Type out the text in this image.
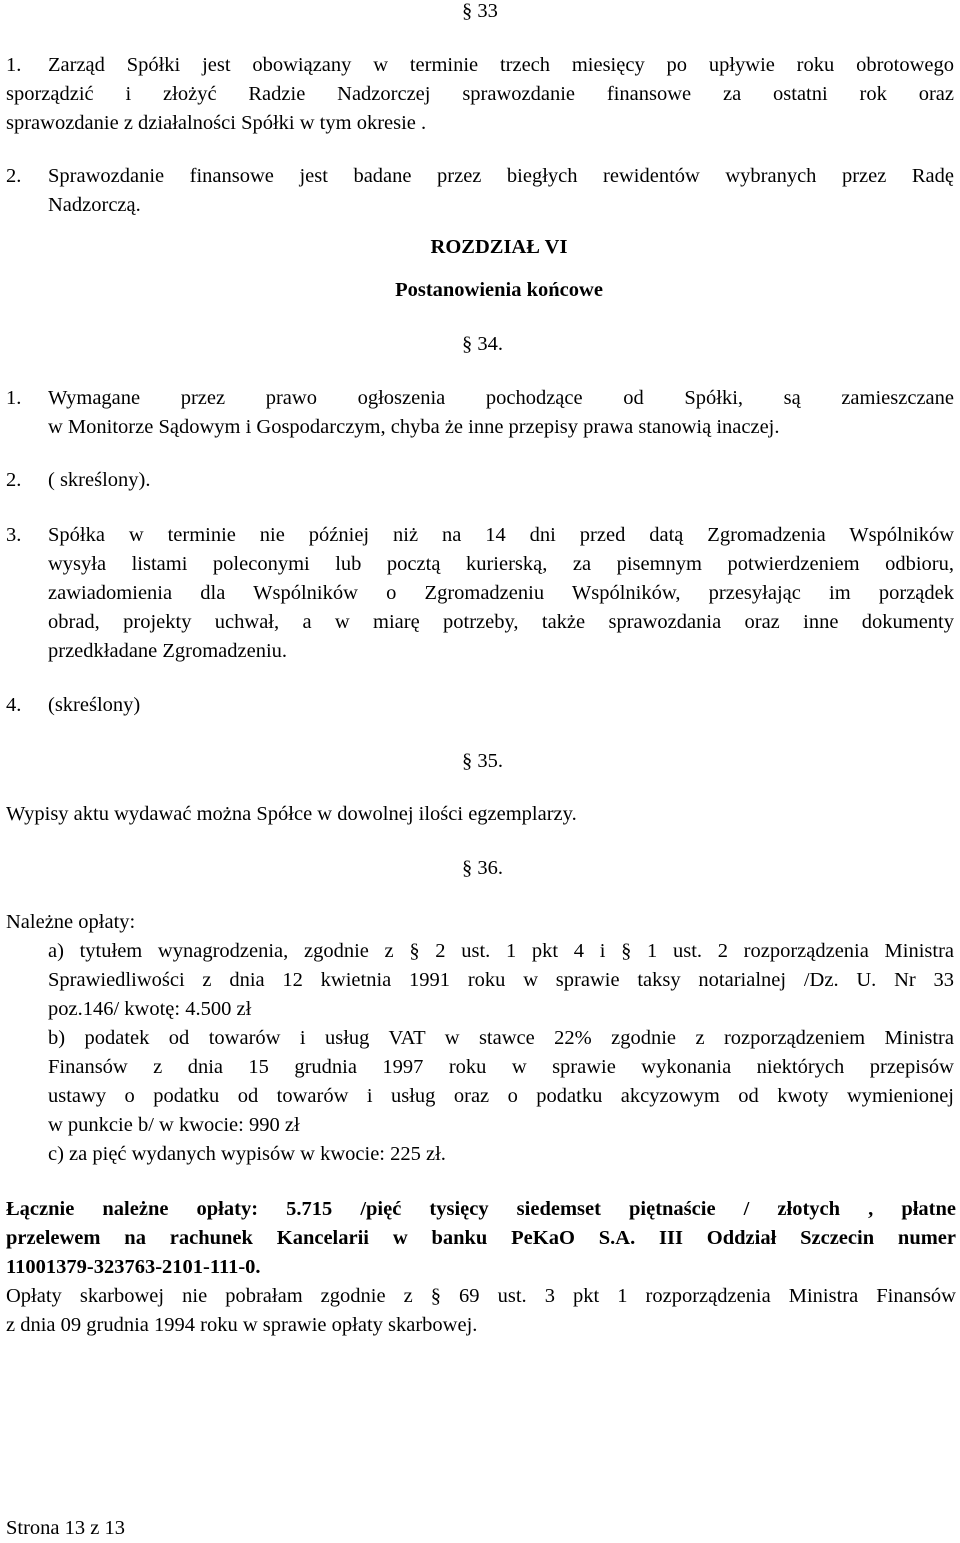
§ 33
1. Zarząd Spółki jest obowiązany w terminie trzech miesięcy po upływie roku obrotowego
sporządzić i złożyć Radzie Nadzorczej sprawozdanie finansowe za ostatni rok oraz
sprawozdanie z działalności Spółki w tym okresie .
2. Sprawozdanie finansowe jest badane przez biegłych rewidentów wybranych przez Radę
Nadzorczą.
ROZDZIAŁ VI
Postanowienia końcowe
§ 34.
1. Wymagane przez prawo ogłoszenia pochodzące od Spółki, są zamieszczane
w Monitorze Sądowym i Gospodarczym, chyba że inne przepisy prawa stanowią inaczej.
2. ( skreślony).
3. Spółka w terminie nie później niż na 14 dni przed datą Zgromadzenia Wspólników
wysyła listami poleconymi lub pocztą kurierską, za pisemnym potwierdzeniem odbioru,
zawiadomienia dla Wspólników o Zgromadzeniu Wspólników, przesyłając im porządek
obrad, projekty uchwał, a w miarę potrzeby, także sprawozdania oraz inne dokumenty
przedkładane Zgromadzeniu.
4. (skreślony)
§ 35.
Wypisy aktu wydawać można Spółce w dowolnej ilości egzemplarzy.
§ 36.
Należne opłaty:
a) tytułem wynagrodzenia, zgodnie z § 2 ust. 1 pkt 4 i § 1 ust. 2 rozporządzenia Ministra
Sprawiedliwości z dnia 12 kwietnia 1991 roku w sprawie taksy notarialnej /Dz. U. Nr 33
poz.146/ kwotę: 4.500 zł
b) podatek od towarów i usług VAT w stawce 22% zgodnie z rozporządzeniem Ministra
Finansów z dnia 15 grudnia 1997 roku w sprawie wykonania niektórych przepisów
ustawy o podatku od towarów i usług oraz o podatku akcyzowym od kwoty wymienionej
w punkcie b/ w kwocie: 990 zł
c) za pięć wydanych wypisów w kwocie: 225 zł.
Łącznie należne opłaty: 5.715 /pięć tysięcy siedemset piętnaście / złotych , płatne
przelewem na rachunek Kancelarii w banku PeKaO S.A. III Oddział Szczecin numer
11001379-323763-2101-111-0.
Opłaty skarbowej nie pobrałam zgodnie z § 69 ust. 3 pkt 1 rozporządzenia Ministra Finansów
z dnia 09 grudnia 1994 roku w sprawie opłaty skarbowej.
Strona 13 z 13
